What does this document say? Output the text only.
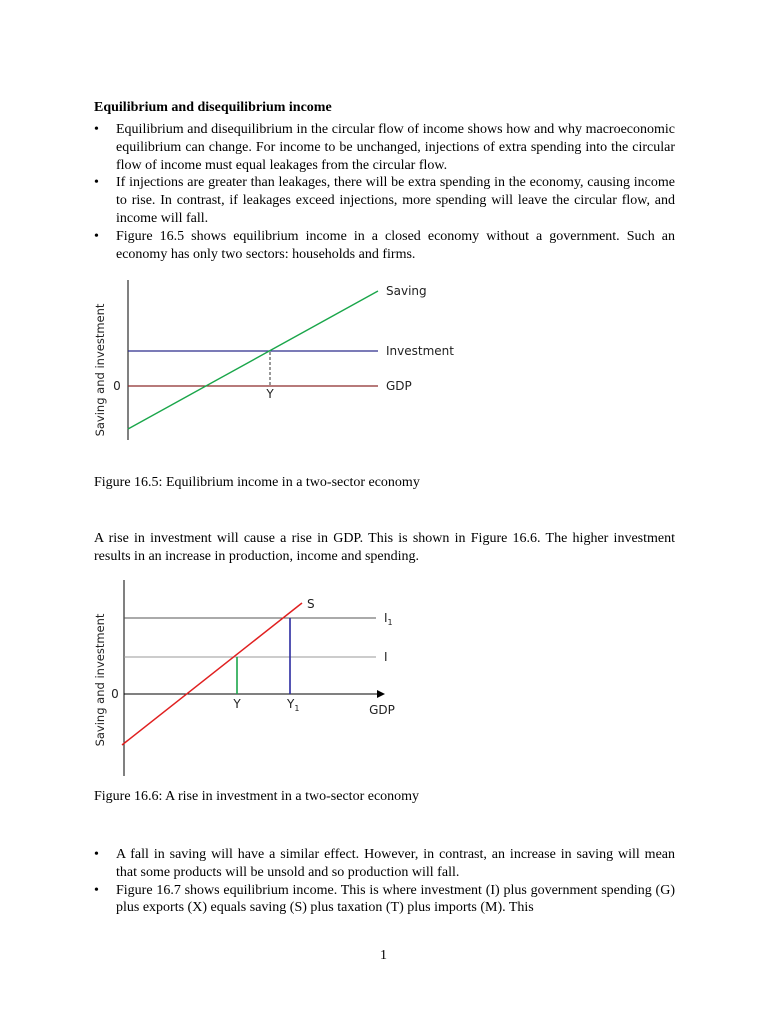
Equilibrium and disequilibrium income
• Equilibrium and disequilibrium in the circular flow of income shows how and why macroeconomic equilibrium can change. For income to be unchanged, injections of extra spending into the circular flow of income must equal leakages from the circular flow.
• If injections are greater than leakages, there will be extra spending in the economy, causing income to rise. In contrast, if leakages exceed injections, more spending will leave the circular flow, and income will fall.
• Figure 16.5 shows equilibrium income in a closed economy without a government. Such an economy has only two sectors: households and firms.
Saving
Investment
GDP
0
Y
Saving and investment

Figure 16.5: Equilibrium income in a two-sector economy

A rise in investment will cause a rise in GDP. This is shown in Figure 16.6. The higher investment results in an increase in production, income and spending.

S
$I_1$
I
0
Y	$Y_1$	GDP
Saving and investment

Figure 16.6: A rise in investment in a two-sector economy

• A fall in saving will have a similar effect. However, in contrast, an increase in saving will mean that some products will be unsold and so production will fall.
• Figure 16.7 shows equilibrium income. This is where investment (I) plus government spending (G) plus exports (X) equals saving (S) plus taxation (T) plus imports (M). This
1
